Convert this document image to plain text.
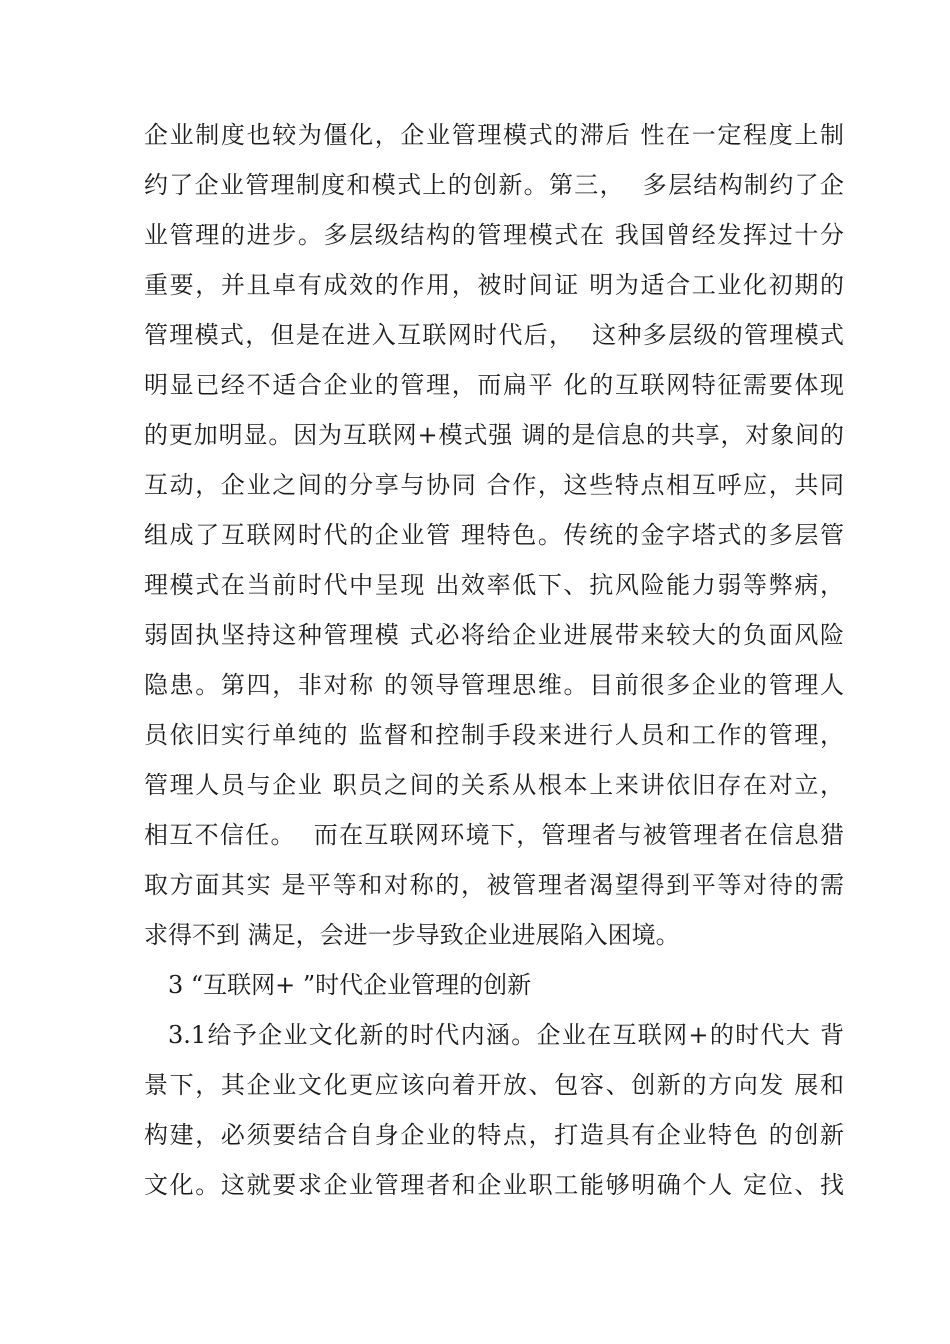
企业制度也较为僵化，企业管理模式的滞后 性在一定程度上制
约了企业管理制度和模式上的创新。第三，  多层结构制约了企
业管理的进步。多层级结构的管理模式在 我国曾经发挥过十分
重要，并且卓有成效的作用，被时间证 明为适合工业化初期的
管理模式，但是在进入互联网时代后，  这种多层级的管理模式
明显已经不适合企业的管理，而扁平 化的互联网特征需要体现
的更加明显。因为互联网+模式强 调的是信息的共享，对象间的
互动，企业之间的分享与协同 合作，这些特点相互呼应，共同
组成了互联网时代的企业管 理特色。传统的金字塔式的多层管
理模式在当前时代中呈现 出效率低下、抗风险能力弱等弊病，
弱固执坚持这种管理模 式必将给企业进展带来较大的负面风险
隐患。第四，非对称 的领导管理思维。目前很多企业的管理人
员依旧实行单纯的 监督和控制手段来进行人员和工作的管理，
管理人员与企业 职员之间的关系从根本上来讲依旧存在对立，
相互不信任。  而在互联网环境下，管理者与被管理者在信息猎
取方面其实 是平等和对称的，被管理者渴望得到平等对待的需
求得不到 满足，会进一步导致企业进展陷入困境。
3 “互联网+ ”时代企业管理的创新
3.1给予企业文化新的时代内涵。企业在互联网+的时代大 背
景下，其企业文化更应该向着开放、包容、创新的方向发 展和
构建，必须要结合自身企业的特点，打造具有企业特色 的创新
文化。这就要求企业管理者和企业职工能够明确个人 定位、找
